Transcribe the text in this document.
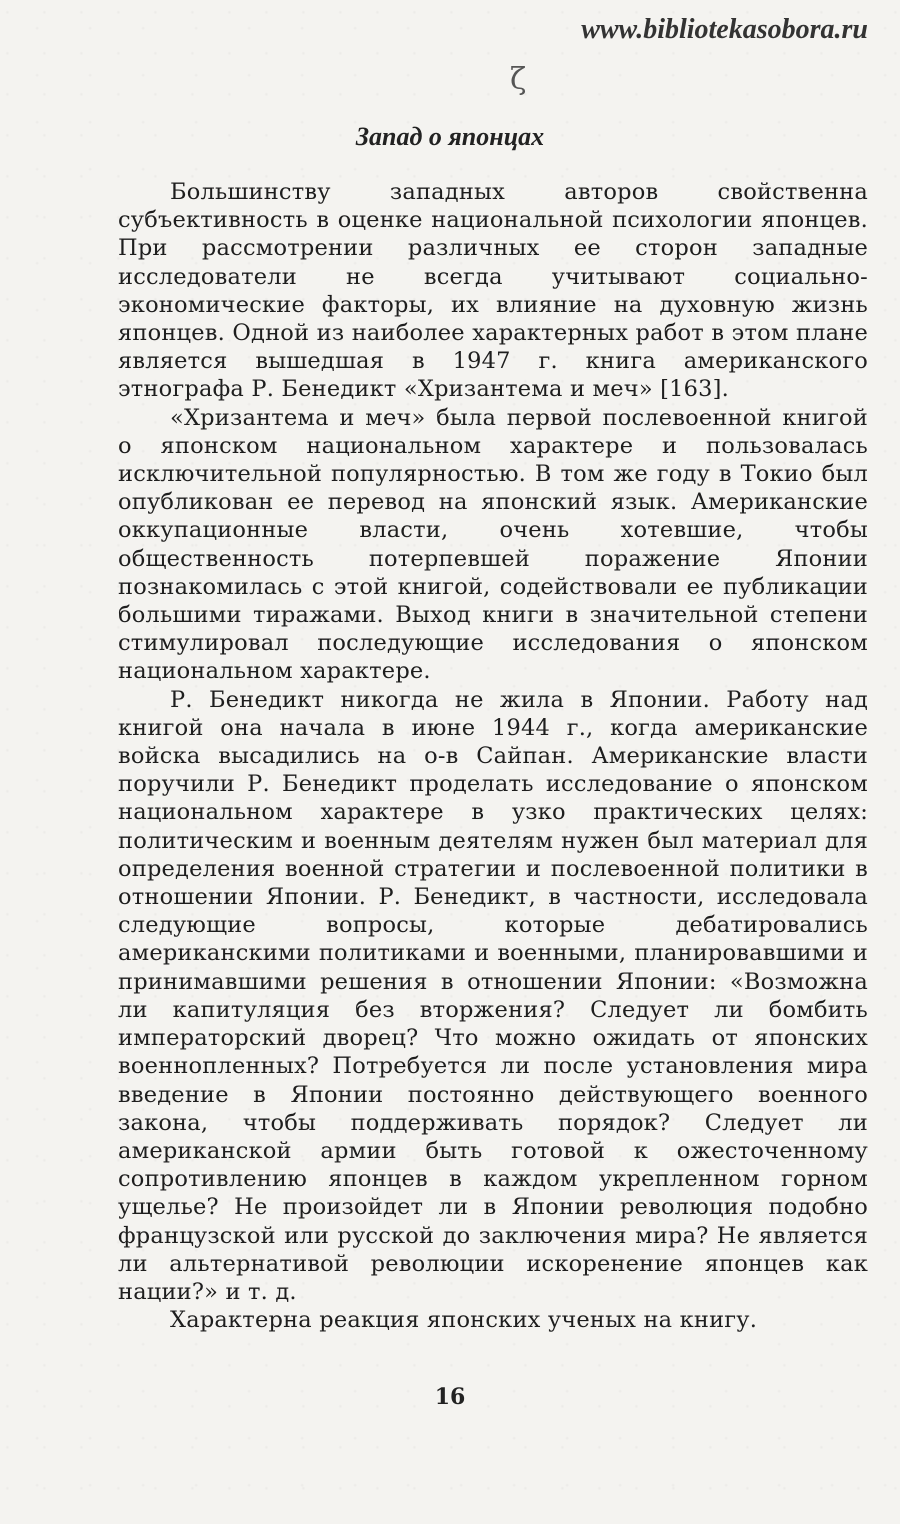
www.bibliotekasobora.ru
ζ
Запад о японцах

Большинству западных авторов свойственна субъективность в оценке национальной психологии японцев. При рассмотрении различных ее сторон западные исследователи не всегда учитывают социально-экономические факторы, их влияние на духовную жизнь японцев. Одной из наиболее характерных работ в этом плане является вышедшая в 1947 г. книга американского этнографа Р. Бенедикт «Хризантема и меч» [163].

«Хризантема и меч» была первой послевоенной книгой о японском национальном характере и пользовалась исключительной популярностью. В том же году в Токио был опубликован ее перевод на японский язык. Американские оккупационные власти, очень хотевшие, чтобы общественность потерпевшей поражение Японии познакомилась с этой книгой, содействовали ее публикации большими тиражами. Выход книги в значительной степени стимулировал последующие исследования о японском национальном характере.

Р. Бенедикт никогда не жила в Японии. Работу над книгой она начала в июне 1944 г., когда американские войска высадились на о-в Сайпан. Американские власти поручили Р. Бенедикт проделать исследование о японском национальном характере в узко практических целях: политическим и военным деятелям нужен был материал для определения военной стратегии и послевоенной политики в отношении Японии. Р. Бенедикт, в частности, исследовала следующие вопросы, которые дебатировались американскими политиками и военными, планировавшими и принимавшими решения в отношении Японии: «Возможна ли капитуляция без вторжения? Следует ли бомбить императорский дворец? Что можно ожидать от японских военнопленных? Потребуется ли после установления мира введение в Японии постоянно действующего военного закона, чтобы поддерживать порядок? Следует ли американской армии быть готовой к ожесточенному сопротивлению японцев в каждом укрепленном горном ущелье? Не произойдет ли в Японии революция подобно французской или русской до заключения мира? Не является ли альтернативой революции искоренение японцев как нации?» и т. д.

Характерна реакция японских ученых на книгу.

16
